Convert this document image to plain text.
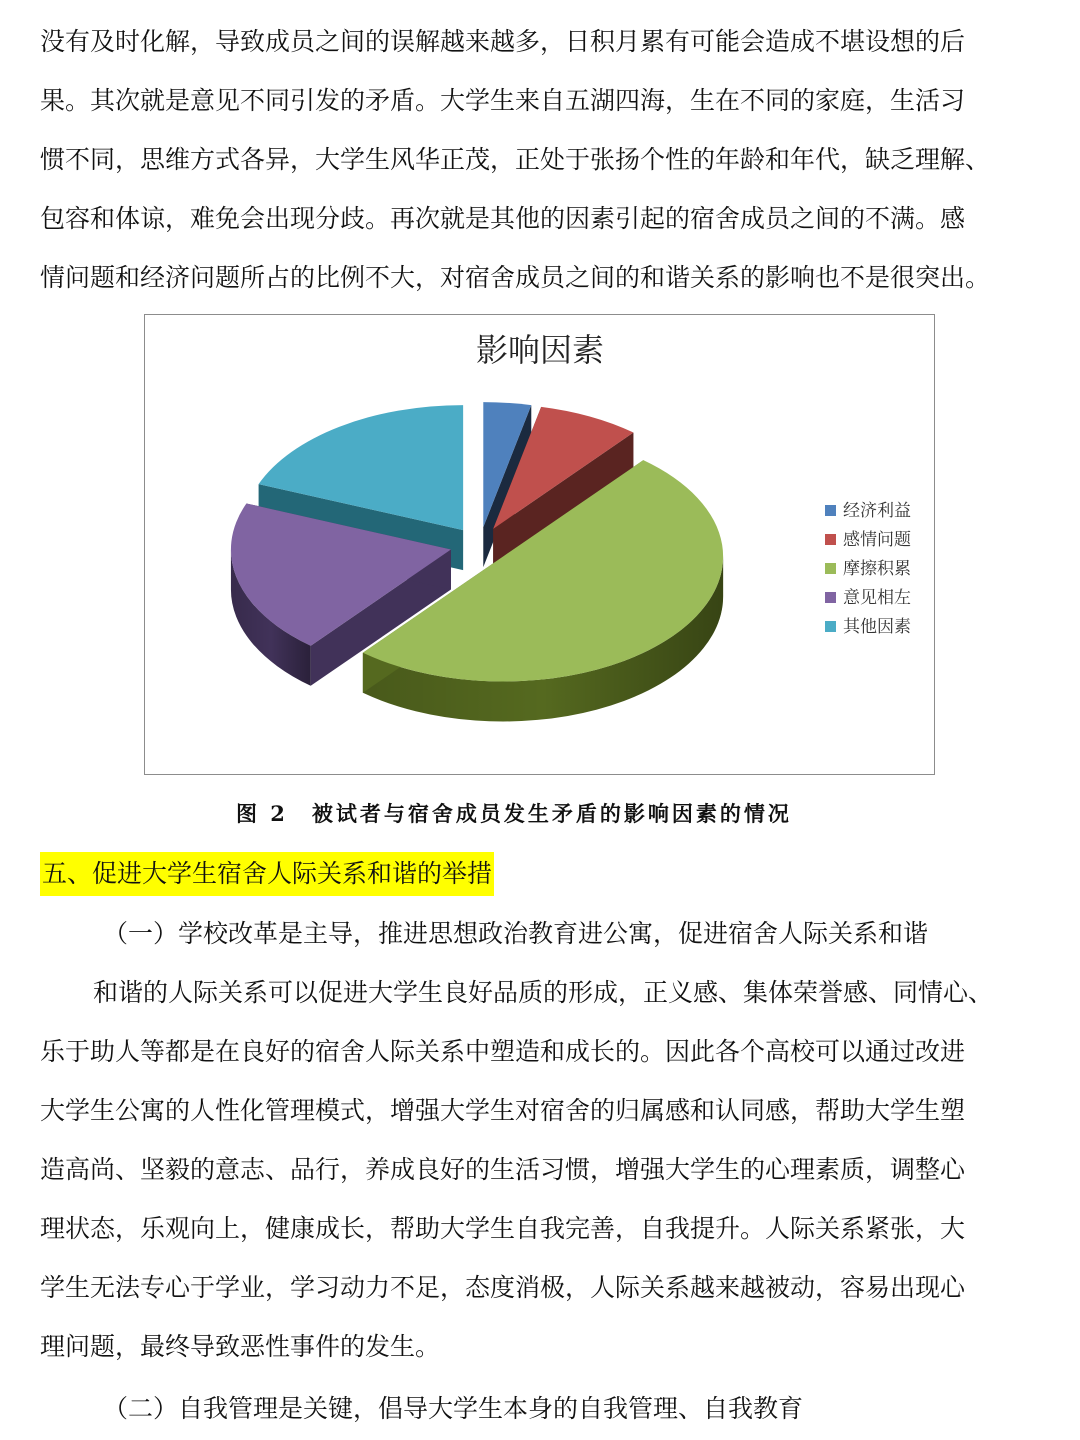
没有及时化解，导致成员之间的误解越来越多，日积月累有可能会造成不堪设想的后
果。其次就是意见不同引发的矛盾。大学生来自五湖四海，生在不同的家庭，生活习
惯不同，思维方式各异，大学生风华正茂，正处于张扬个性的年龄和年代，缺乏理解、
包容和体谅，难免会出现分歧。再次就是其他的因素引起的宿舍成员之间的不满。感
情问题和经济问题所占的比例不大，对宿舍成员之间的和谐关系的影响也不是很突出。
影响因素
经济利益
感情问题
摩擦积累
意见相左
其他因素
图 2　被试者与宿舍成员发生矛盾的影响因素的情况
五、促进大学生宿舍人际关系和谐的举措
（一）学校改革是主导，推进思想政治教育进公寓，促进宿舍人际关系和谐
和谐的人际关系可以促进大学生良好品质的形成，正义感、集体荣誉感、同情心、
乐于助人等都是在良好的宿舍人际关系中塑造和成长的。因此各个高校可以通过改进
大学生公寓的人性化管理模式，增强大学生对宿舍的归属感和认同感，帮助大学生塑
造高尚、坚毅的意志、品行，养成良好的生活习惯，增强大学生的心理素质，调整心
理状态，乐观向上，健康成长，帮助大学生自我完善，自我提升。人际关系紧张，大
学生无法专心于学业，学习动力不足，态度消极，人际关系越来越被动，容易出现心
理问题，最终导致恶性事件的发生。
（二）自我管理是关键，倡导大学生本身的自我管理、自我教育
